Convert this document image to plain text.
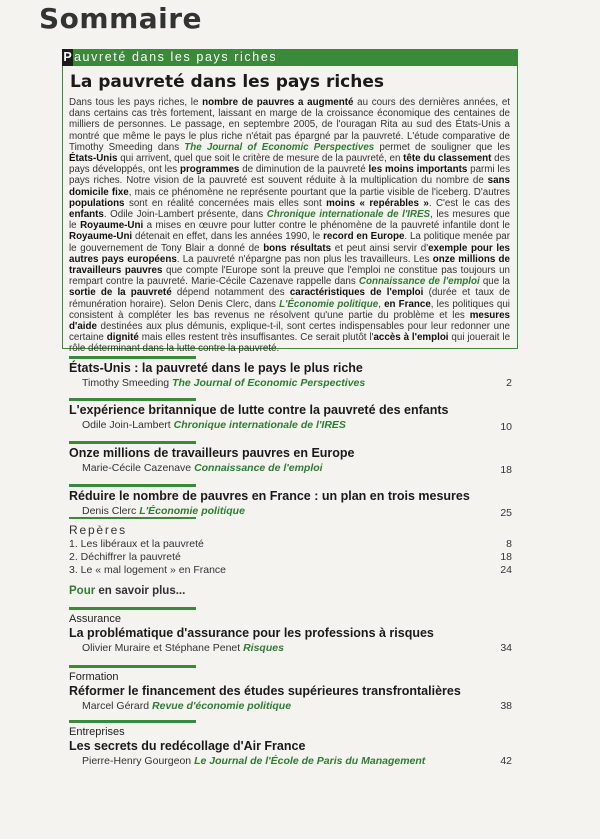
Sommaire
P auvreté dans les pays riches
La pauvreté dans les pays riches
Dans tous les pays riches, le nombre de pauvres a augmenté au cours des dernières années, et dans certains cas très fortement, laissant en marge de la croissance économique des centaines de milliers de personnes. Le passage, en septembre 2005, de l'ouragan Rita au sud des États-Unis a montré que même le pays le plus riche n'était pas épargné par la pauvreté. L'étude comparative de Timothy Smeeding dans The Journal of Economic Perspectives permet de souligner que les États-Unis qui arrivent, quel que soit le critère de mesure de la pauvreté, en tête du classement des pays développés, ont les programmes de diminution de la pauvreté les moins importants parmi les pays riches. Notre vision de la pauvreté est souvent réduite à la multiplication du nombre de sans domicile fixe, mais ce phénomène ne représente pourtant que la partie visible de l'iceberg. D'autres populations sont en réalité concernées mais elles sont moins « repérables ». C'est le cas des enfants. Odile Join-Lambert présente, dans Chronique internationale de l'IRES, les mesures que le Royaume-Uni a mises en œuvre pour lutter contre le phénomène de la pauvreté infantile dont le Royaume-Uni détenait en effet, dans les années 1990, le record en Europe. La politique menée par le gouvernement de Tony Blair a donné de bons résultats et peut ainsi servir d'exemple pour les autres pays européens. La pauvreté n'épargne pas non plus les travailleurs. Les onze millions de travailleurs pauvres que compte l'Europe sont la preuve que l'emploi ne constitue pas toujours un rempart contre la pauvreté. Marie-Cécile Cazenave rappelle dans Connaissance de l'emploi que la sortie de la pauvreté dépend notamment des caractéristiques de l'emploi (durée et taux de rémunération horaire). Selon Denis Clerc, dans L'Économie politique, en France, les politiques qui consistent à compléter les bas revenus ne résolvent qu'une partie du problème et les mesures d'aide destinées aux plus démunis, explique-t-il, sont certes indispensables pour leur redonner une certaine dignité mais elles restent très insuffisantes. Ce serait plutôt l'accès à l'emploi qui jouerait le rôle déterminant dans la lutte contre la pauvreté.
États-Unis : la pauvreté dans le pays le plus riche
Timothy Smeeding The Journal of Economic Perspectives	2
L'expérience britannique de lutte contre la pauvreté des enfants
Odile Join-Lambert Chronique internationale de l'IRES	10
Onze millions de travailleurs pauvres en Europe
Marie-Cécile Cazenave Connaissance de l'emploi	18
Réduire le nombre de pauvres en France : un plan en trois mesures
Denis Clerc L'Économie politique	25
Repères
1. Les libéraux et la pauvreté	8
2. Déchiffrer la pauvreté	18
3. Le « mal logement » en France	24
Pour en savoir plus...
Assurance
La problématique d'assurance pour les professions à risques
Olivier Muraire et Stéphane Penet Risques	34
Formation
Réformer le financement des études supérieures transfrontalières
Marcel Gérard Revue d'économie politique	38
Entreprises
Les secrets du redécollage d'Air France
Pierre-Henry Gourgeon Le Journal de l'École de Paris du Management	42
